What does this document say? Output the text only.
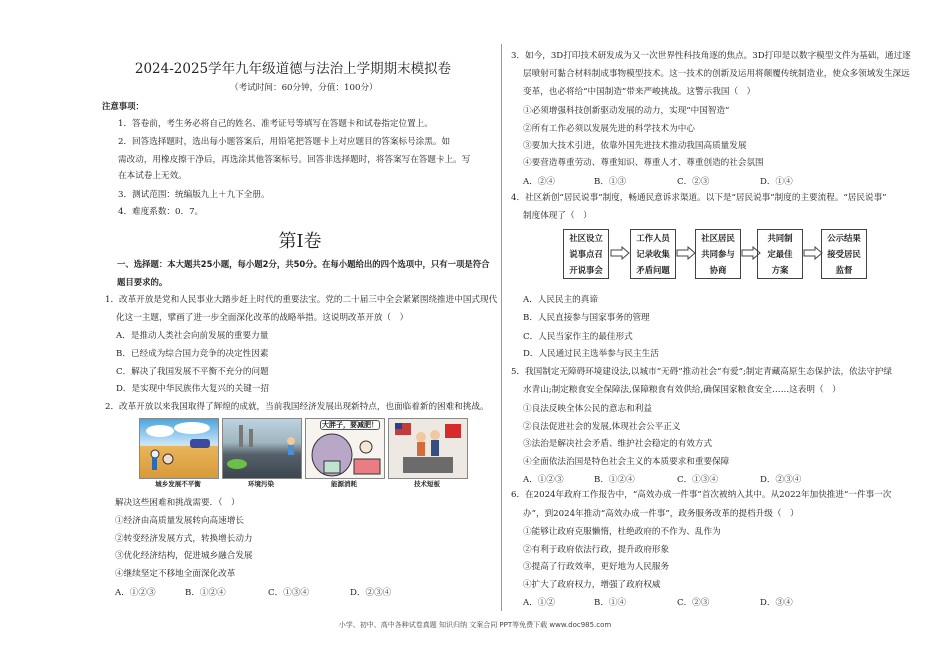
2024-2025学年九年级道德与法治上学期期末模拟卷
（考试时间：60分钟，分值：100分）
注意事项：
1．答卷前，考生务必将自己的姓名、准考证号等填写在答题卡和试卷指定位置上。
2．回答选择题时，选出每小题答案后，用铅笔把答题卡上对应题目的答案标号涂黑。如
需改动，用橡皮擦干净后，再选涂其他答案标号。回答非选择题时，将答案写在答题卡上。写
在本试卷上无效。
3．测试范围：统编版九上＋九下全册。
4．难度系数：0．7。
第Ⅰ卷
一、选择题：本大题共25小题，每小题2分，共50分。在每小题给出的四个选项中，只有一项是符合
题目要求的。
1．改革开放是党和人民事业大踏步赶上时代的重要法宝。党的二十届三中全会紧紧围绕推进中国式现代
化这一主题，擘画了进一步全面深化改革的战略举措。这说明改革开放（　）
A．是推动人类社会向前发展的重要力量
B．已经成为综合国力竞争的决定性因素
C．解决了我国发展不平衡不充分的问题
D．是实现中华民族伟大复兴的关键一招
2．改革开放以来我国取得了辉煌的成就，当前我国经济发展出现新特点，也面临着新的困难和挑战。
大胖子，要减肥！
城乡发展不平衡	环境污染	能源消耗	技术短板
解决这些困难和挑战需要．（　）
①经济由高质量发展转向高速增长
②转变经济发展方式，转换增长动力
③优化经济结构，促进城乡融合发展
④继续坚定不移地全面深化改革
A．①②③	B．①②④	C．①③④	D．②③④
3．如今，3D打印技术研发成为又一次世界性科技角逐的焦点。3D打印是以数字模型文件为基础，通过逐
层喷射可黏合材料制成事物模型技术。这一技术的创新及运用将颠覆传统制造业，使众多领域发生深远
变革，也必将给“中国制造”带来严峻挑战。这警示我国（　）
①必须增强科技创新驱动发展的动力，实现“中国智造”
②所有工作必须以发展先进的科学技术为中心
③要加大技术引进，依靠外国先进技术推动我国高质量发展
④要营造尊重劳动、尊重知识、尊重人才、尊重创造的社会氛围
A．②④	B．①③	C．②③	D．①④
4．社区新创“居民说事”制度，畅通民意诉求渠道。以下是“居民说事”制度的主要流程。“居民说事”
制度体现了（　）
社区设立
说事点召
开说事会
工作人员
记录收集
矛盾问题
社区居民
共同参与
协商
共同制
定最佳
方案
公示结果
接受居民
监督
A．人民民主的真谛
B．人民直接参与国家事务的管理
C．人民当家作主的最佳形式
D．人民通过民主选举参与民主生活
5．我国制定无障碍环境建设法,以城市“无碍”推动社会“有爱”;制定青藏高原生态保护法，依法守护绿
水青山;制定粮食安全保障法,保障粮食有效供给,确保国家粮食安全……这表明（　）
①良法反映全体公民的意志和利益
②良法促进社会的发展,体现社会公平正义
③法治是解决社会矛盾、维护社会稳定的有效方式
④全面依法治国是特色社会主义的本质要求和重要保障
A．①②③	B．①②④	C．①③④	D．②③④
6．在2024年政府工作报告中，“高效办成一件事”首次被纳入其中。从2022年加快推进“一件事一次
办”，到2024年推动“高效办成一件事”，政务服务改革的提档升级（　）
①能够让政府克服懒惰，杜绝政府的不作为、乱作为
②有利于政府依法行政，提升政府形象
③提高了行政效率，更好地为人民服务
④扩大了政府权力，增强了政府权威
A．①②	B．①④	C．②③	D．③④
小学、初中、高中各种试卷真题 知识归纳 文案合同 PPT等免费下载 www.doc985.com
